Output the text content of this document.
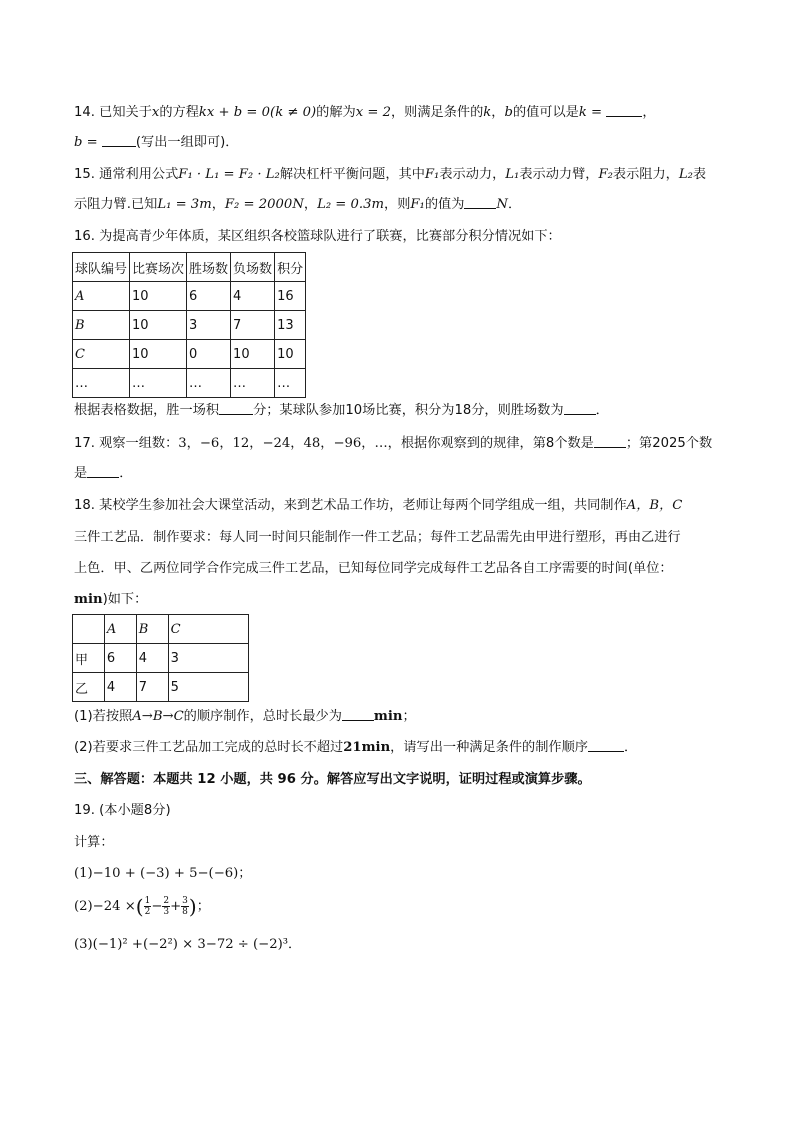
14. 已知关于x的方程kx + b = 0(k ≠ 0)的解为x = 2，则满足条件的k，b的值可以是k =	，
b =	(写出一组即可)．
15. 通常利用公式F₁ · L₁ = F₂ · L₂解决杠杆平衡问题，其中F₁表示动力，L₁表示动力臂，F₂表示阻力，L₂表
示阻力臂.已知L₁ = 3m，F₂ = 2000N，L₂ = 0.3m，则F₁的值为 N．
16. 为提高青少年体质，某区组织各校篮球队进行了联赛，比赛部分积分情况如下：
球队编号	比赛场次	胜场数	负场数	积分
A	10	6	4	16
B	10	3	7	13
C	10	0	10	10
…	…	…	…	…
根据表格数据，胜一场积	分；某球队参加10场比赛，积分为18分，则胜场数为 ．
17. 观察一组数：3，−6，12，−24，48，−96，…，根据你观察到的规律，第8个数是 ；第2025个数
是 ．
18. 某校学生参加社会大课堂活动，来到艺术品工作坊，老师让每两个同学组成一组，共同制作A，B，C
三件工艺品．制作要求：每人同一时间只能制作一件工艺品；每件工艺品需先由甲进行塑形，再由乙进行
上色．甲、乙两位同学合作完成三件工艺品，已知每位同学完成每件工艺品各自工序需要的时间(单位：
min)如下：
	A	B	C
甲	6	4	3
乙	4	7	5
(1)若按照A→B→C的顺序制作，总时长最少为 min；
(2)若要求三件工艺品加工完成的总时长不超过21min，请写出一种满足条件的制作顺序	．
三、解答题：本题共 12 小题，共 96 分。解答应写出文字说明，证明过程或演算步骤。
19. (本小题8分)
计算：
(1)−10 + (−3) + 5−(−6)；
(2)−24 ×( $\frac{1}{2} - \frac{2}{3} + \frac{3}{8}$ )；
(3)(−1)² +(−2²) × 3−72 ÷ (−2)³．
